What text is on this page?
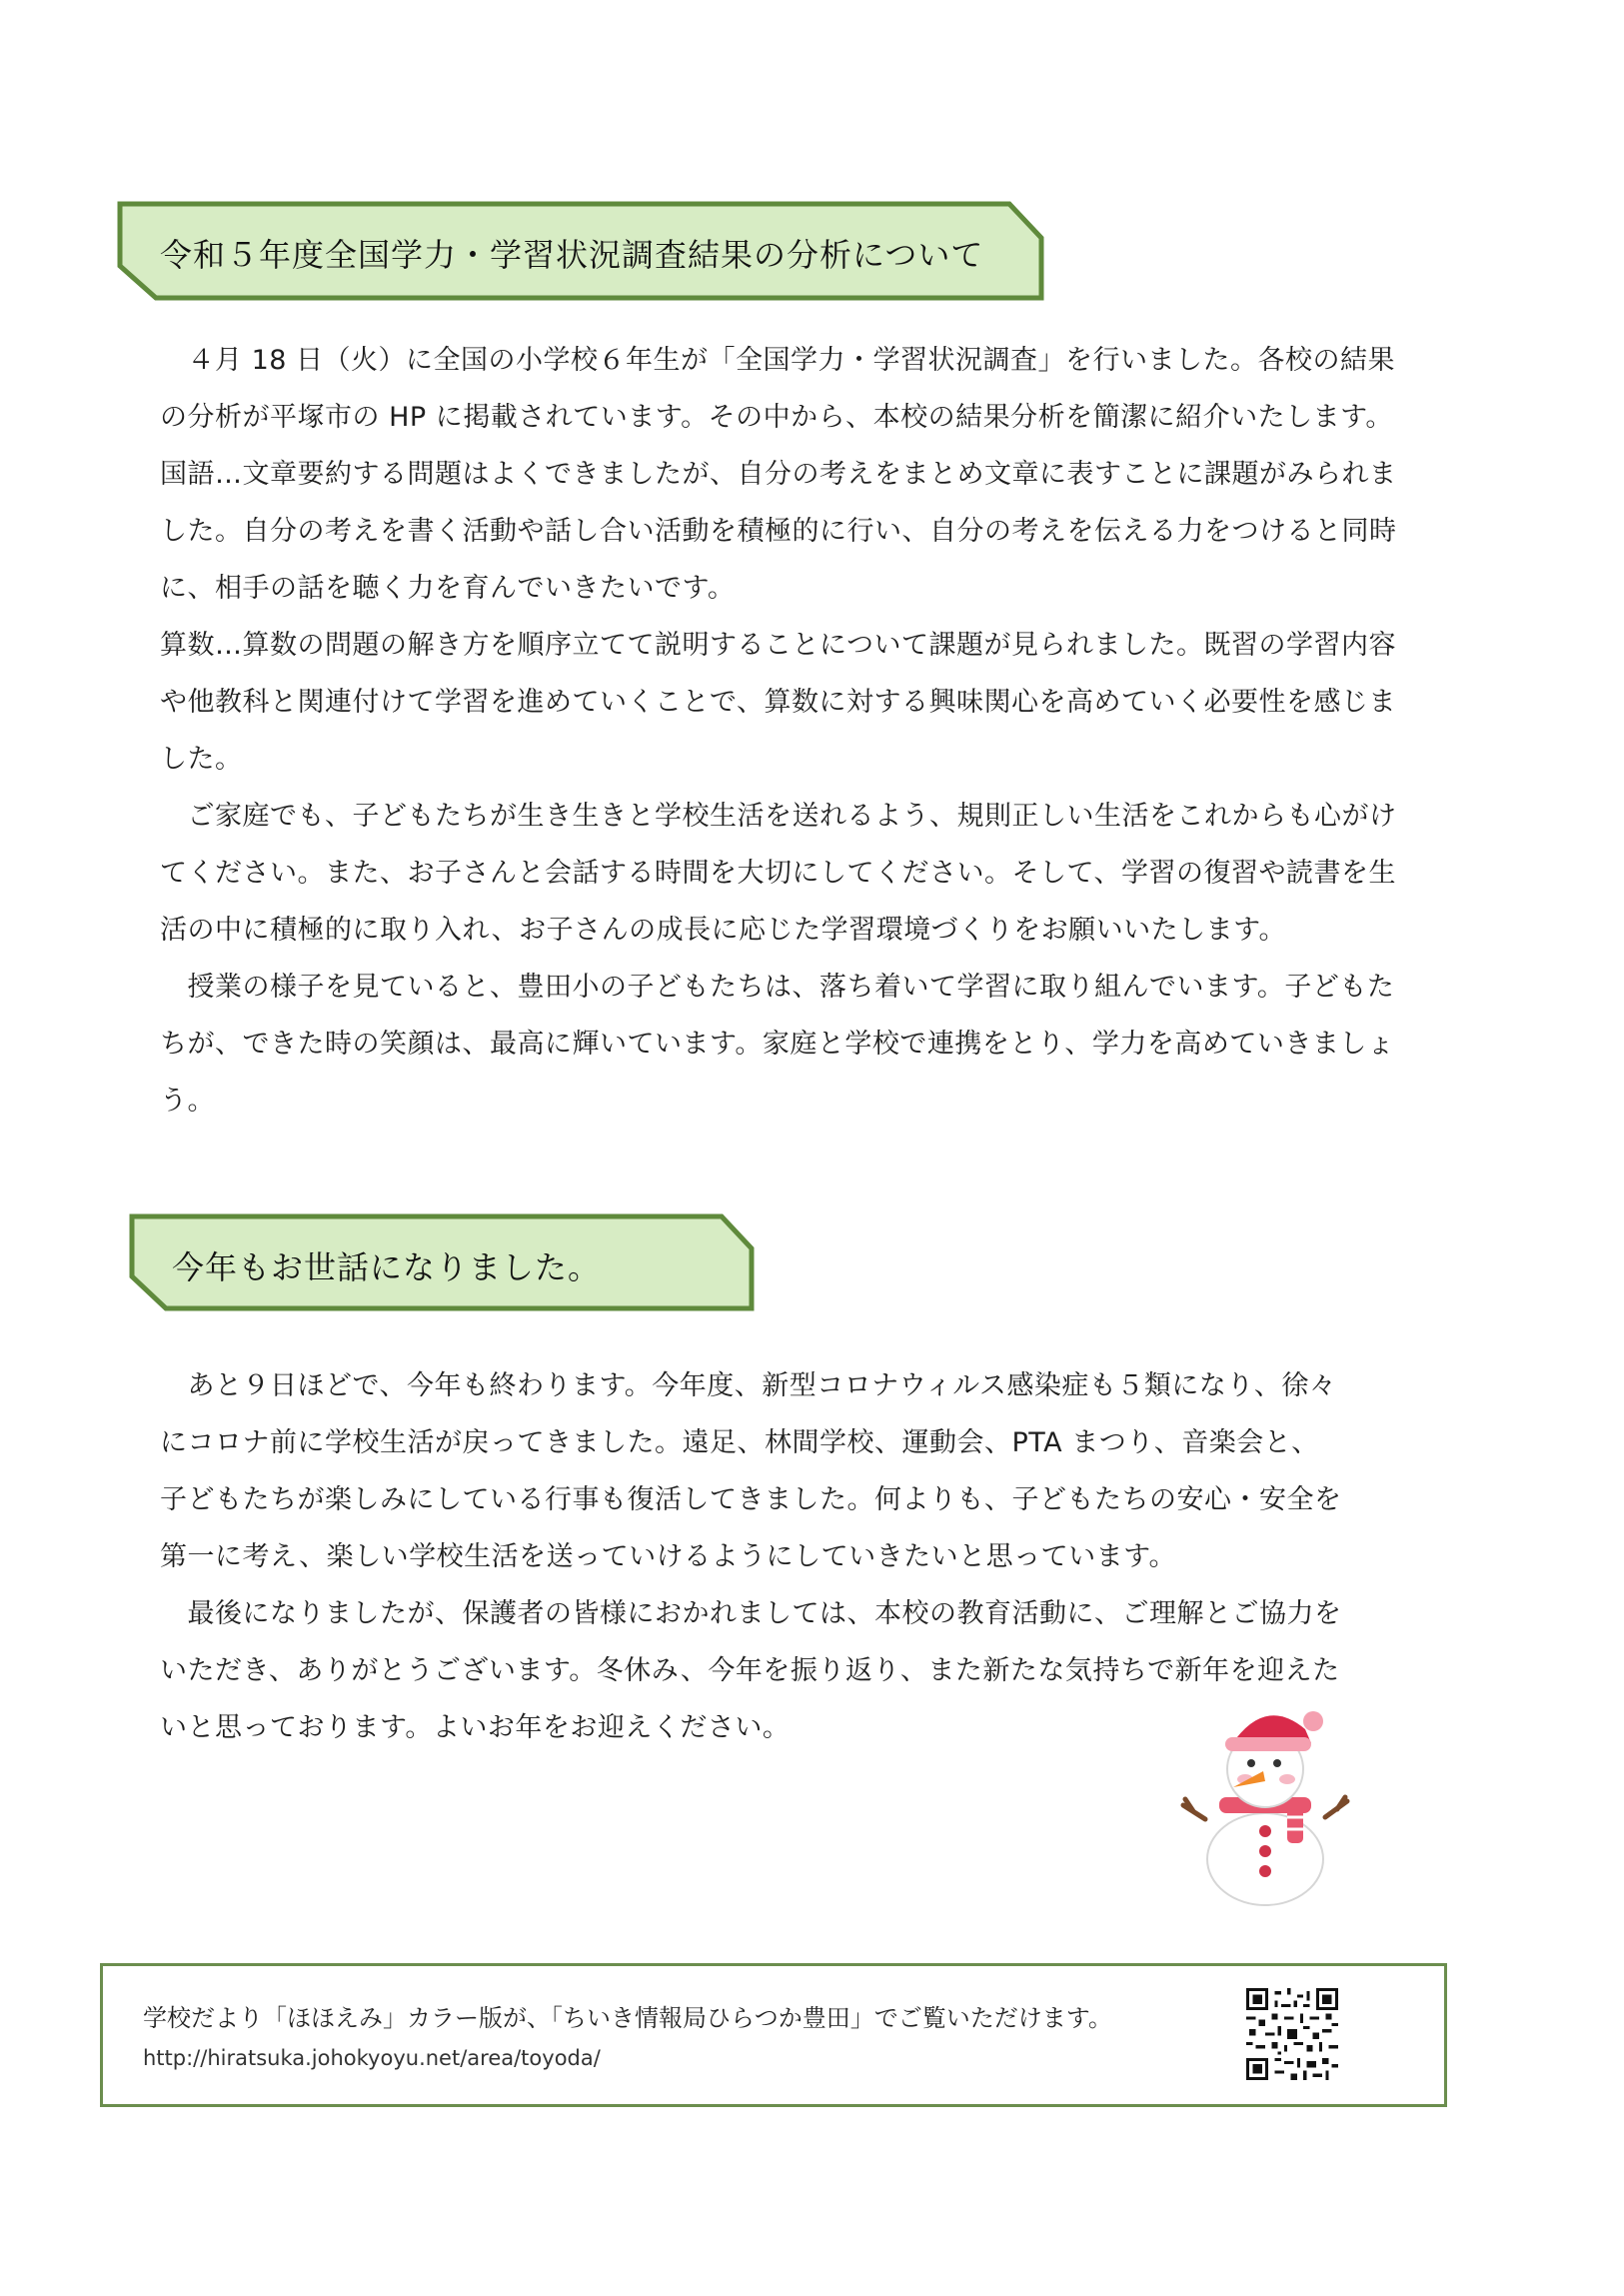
令和５年度全国学力・学習状況調査結果の分析について

　４月 18 日（火）に全国の小学校６年生が「全国学力・学習状況調査」を行いました。各校の結果
の分析が平塚市の HP に掲載されています。その中から、本校の結果分析を簡潔に紹介いたします。

国語…文章要約する問題はよくできましたが、自分の考えをまとめ文章に表すことに課題がみられま
した。自分の考えを書く活動や話し合い活動を積極的に行い、自分の考えを伝える力をつけると同時
に、相手の話を聴く力を育んでいきたいです。

算数…算数の問題の解き方を順序立てて説明することについて課題が見られました。既習の学習内容
や他教科と関連付けて学習を進めていくことで、算数に対する興味関心を高めていく必要性を感じま
した。

　ご家庭でも、子どもたちが生き生きと学校生活を送れるよう、規則正しい生活をこれからも心がけ
てください。また、お子さんと会話する時間を大切にしてください。そして、学習の復習や読書を生
活の中に積極的に取り入れ、お子さんの成長に応じた学習環境づくりをお願いいたします。

　授業の様子を見ていると、豊田小の子どもたちは、落ち着いて学習に取り組んでいます。子どもた
ちが、できた時の笑顔は、最高に輝いています。家庭と学校で連携をとり、学力を高めていきましょ
う。

今年もお世話になりました。

　あと９日ほどで、今年も終わります。今年度、新型コロナウィルス感染症も５類になり、徐々
にコロナ前に学校生活が戻ってきました。遠足、林間学校、運動会、PTA まつり、音楽会と、
子どもたちが楽しみにしている行事も復活してきました。何よりも、子どもたちの安心・安全を
第一に考え、楽しい学校生活を送っていけるようにしていきたいと思っています。

　最後になりましたが、保護者の皆様におかれましては、本校の教育活動に、ご理解とご協力を
いただき、ありがとうございます。冬休み、今年を振り返り、また新たな気持ちで新年を迎えた
いと思っております。よいお年をお迎えください。

学校だより「ほほえみ」カラー版が、「ちいき情報局ひらつか豊田」でご覧いただけます。
http://hiratsuka.johokyoyu.net/area/toyoda/
